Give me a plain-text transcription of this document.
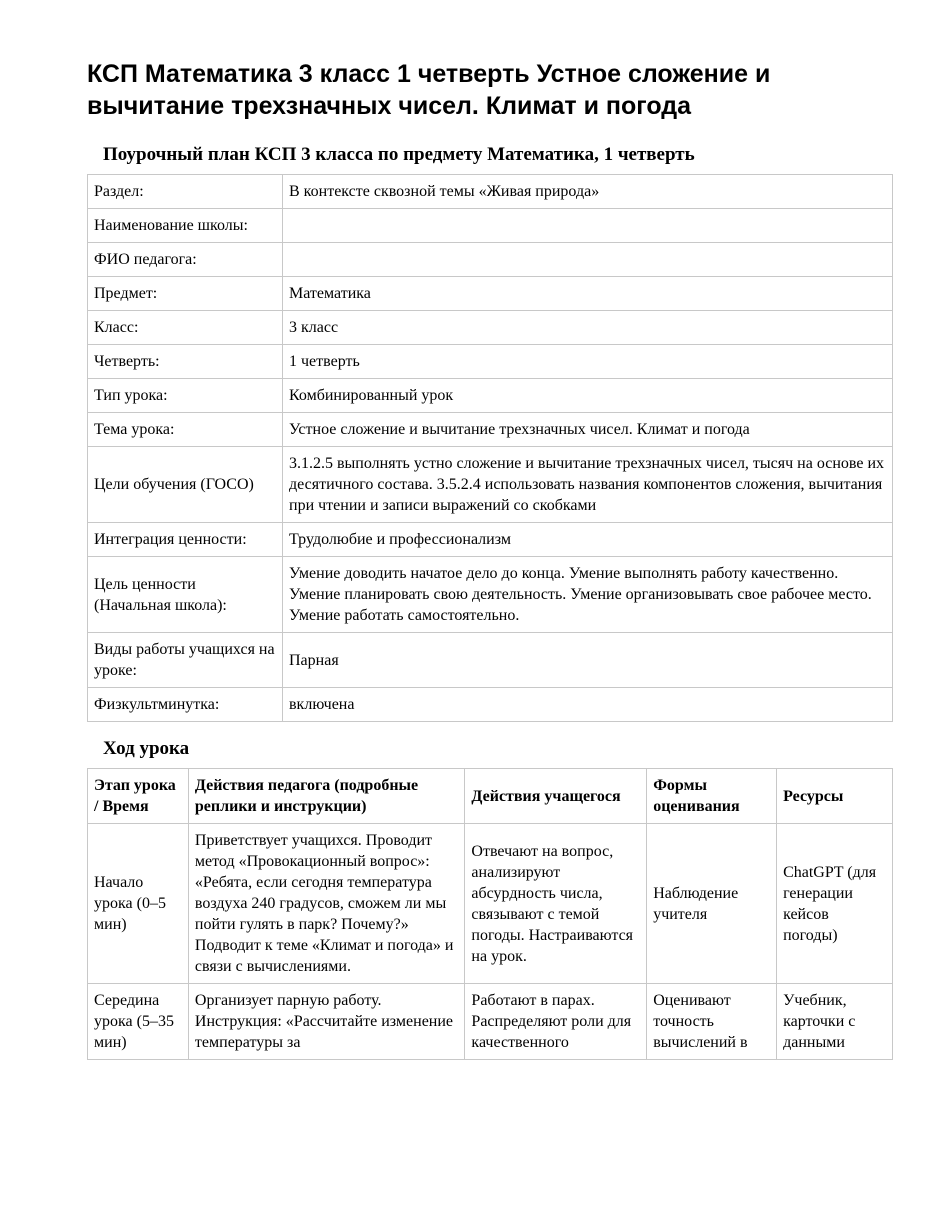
КСП Математика 3 класс 1 четверть Устное сложение и вычитание трехзначных чисел. Климат и погода
Поурочный план КСП 3 класса по предмету Математика, 1 четверть
Раздел:	В контексте сквозной темы «Живая природа»
Наименование школы:	
ФИО педагога:	
Предмет:	Математика
Класс:	3 класс
Четверть:	1 четверть
Тип урока:	Комбинированный урок
Тема урока:	Устное сложение и вычитание трехзначных чисел. Климат и погода
Цели обучения (ГОСО)	3.1.2.5 выполнять устно сложение и вычитание трехзначных чисел, тысяч на основе их десятичного состава. 3.5.2.4 использовать названия компонентов сложения, вычитания при чтении и записи выражений со скобками
Интеграция ценности:	Трудолюбие и профессионализм
Цель ценности (Начальная школа):	Умение доводить начатое дело до конца. Умение выполнять работу качественно. Умение планировать свою деятельность. Умение организовывать свое рабочее место. Умение работать самостоятельно.
Виды работы учащихся на уроке:	Парная
Физкультминутка:	включена
Ход урока
Этап урока / Время	Действия педагога (подробные реплики и инструкции)	Действия учащегося	Формы оценивания	Ресурсы
Начало урока (0–5 мин)	Приветствует учащихся. Проводит метод «Провокационный вопрос»: «Ребята, если сегодня температура воздуха 240 градусов, сможем ли мы пойти гулять в парк? Почему?» Подводит к теме «Климат и погода» и связи с вычислениями.	Отвечают на вопрос, анализируют абсурдность числа, связывают с темой погоды. Настраиваются на урок.	Наблюдение учителя	ChatGPT (для генерации кейсов погоды)
Середина урока (5–35 мин)	Организует парную работу. Инструкция: «Рассчитайте изменение температуры за	Работают в парах. Распределяют роли для качественного	Оценивают точность вычислений в	Учебник, карточки с данными
